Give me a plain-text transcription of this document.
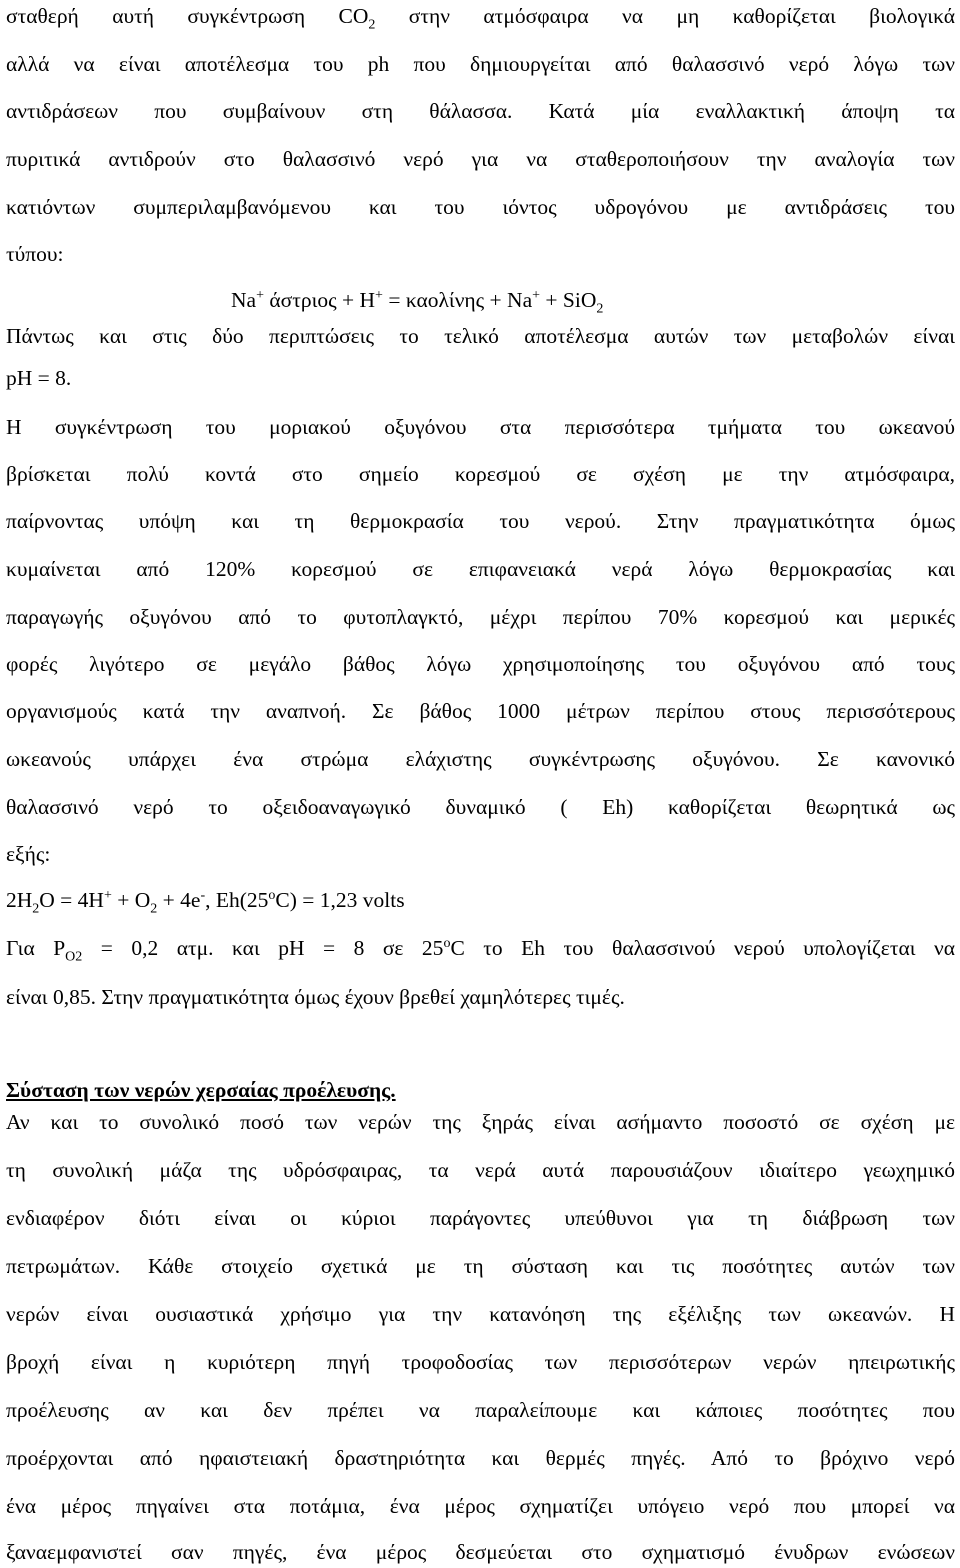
σταθερή αυτή συγκέντρωση $CO_2$ στην ατμόσφαιρα να μη καθορίζεται βιολογικά
αλλά να είναι αποτέλεσμα του ph που δημιουργείται από θαλασσινό νερό λόγω των
αντιδράσεων που συμβαίνουν στη θάλασσα. Κατά μία εναλλακτική άποψη τα
πυριτικά αντιδρούν στο θαλασσινό νερό για να σταθεροποιήσουν την αναλογία των
κατιόντων συμπεριλαμβανόμενου και του ιόντος υδρογόνου με αντιδράσεις του
τύπου:
Na+ άστριος + H+ = καολίνης + Na+ + SiO$_2$
Πάντως και στις δύο περιπτώσεις το τελικό αποτέλεσμα αυτών των μεταβολών είναι
pH = 8.
Η συγκέντρωση του μοριακού οξυγόνου στα περισσότερα τμήματα του ωκεανού
βρίσκεται πολύ κοντά στο σημείο κορεσμού σε σχέση με την ατμόσφαιρα,
παίρνοντας υπόψη και τη θερμοκρασία του νερού. Στην πραγματικότητα όμως
κυμαίνεται από 120% κορεσμού σε επιφανειακά νερά λόγω θερμοκρασίας και
παραγωγής οξυγόνου από το φυτοπλαγκτό, μέχρι περίπου 70% κορεσμού και μερικές
φορές λιγότερο σε μεγάλο βάθος λόγω χρησιμοποίησης του οξυγόνου από τους
οργανισμούς κατά την αναπνοή. Σε βάθος 1000 μέτρων περίπου στους περισσότερους
ωκεανούς υπάρχει ένα στρώμα ελάχιστης συγκέντρωσης οξυγόνου. Σε κανονικό
θαλασσινό νερό το οξειδοαναγωγικό δυναμικό ( Eh) καθορίζεται θεωρητικά ως
εξής:
$2H_2O = 4H^+ + O_2 + 4e^-$, $Eh(25^oC) = 1,23$ volts
Για $P_{O2} = 0,2$ ατμ. και pH = 8 σε 25$^o$C το Eh του θαλασσινού νερού υπολογίζεται να
είναι 0,85. Στην πραγματικότητα όμως έχουν βρεθεί χαμηλότερες τιμές.
Σύσταση των νερών χερσαίας προέλευσης.
Αν και το συνολικό ποσό των νερών της ξηράς είναι ασήμαντο ποσοστό σε σχέση με
τη συνολική μάζα της υδρόσφαιρας, τα νερά αυτά παρουσιάζουν ιδιαίτερο γεωχημικό
ενδιαφέρον διότι είναι οι κύριοι παράγοντες υπεύθυνοι για τη διάβρωση των
πετρωμάτων. Κάθε στοιχείο σχετικά με τη σύσταση και τις ποσότητες αυτών των
νερών είναι ουσιαστικά χρήσιμο για την κατανόηση της εξέλιξης των ωκεανών. Η
βροχή είναι η κυριότερη πηγή τροφοδοσίας των περισσότερων νερών ηπειρωτικής
προέλευσης αν και δεν πρέπει να παραλείπουμε και κάποιες ποσότητες που
προέρχονται από ηφαιστειακή δραστηριότητα και θερμές πηγές. Από το βρόχινο νερό
ένα μέρος πηγαίνει στα ποτάμια, ένα μέρος σχηματίζει υπόγειο νερό που μπορεί να
ξαναεμφανιστεί σαν πηγές, ένα μέρος δεσμεύεται στο σχηματισμό ένυδρων ενώσεων
